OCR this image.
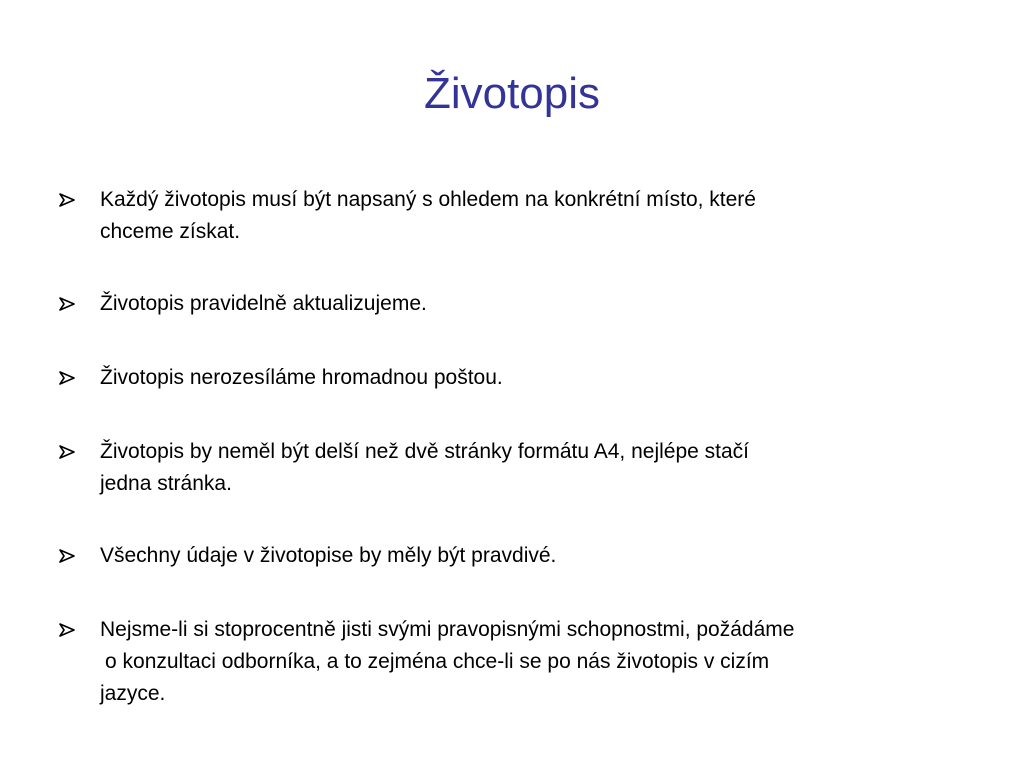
Životopis
Každý životopis musí být napsaný s ohledem na konkrétní místo, které
chceme získat.
Životopis pravidelně aktualizujeme.
Životopis nerozesíláme hromadnou poštou.
Životopis by neměl být delší než dvě stránky formátu A4, nejlépe stačí
jedna stránka.
Všechny údaje v životopise by měly být pravdivé.
Nejsme-li si stoprocentně jisti svými pravopisnými schopnostmi, požádáme
o konzultaci odborníka, a to zejména chce-li se po nás životopis v cizím
jazyce.
